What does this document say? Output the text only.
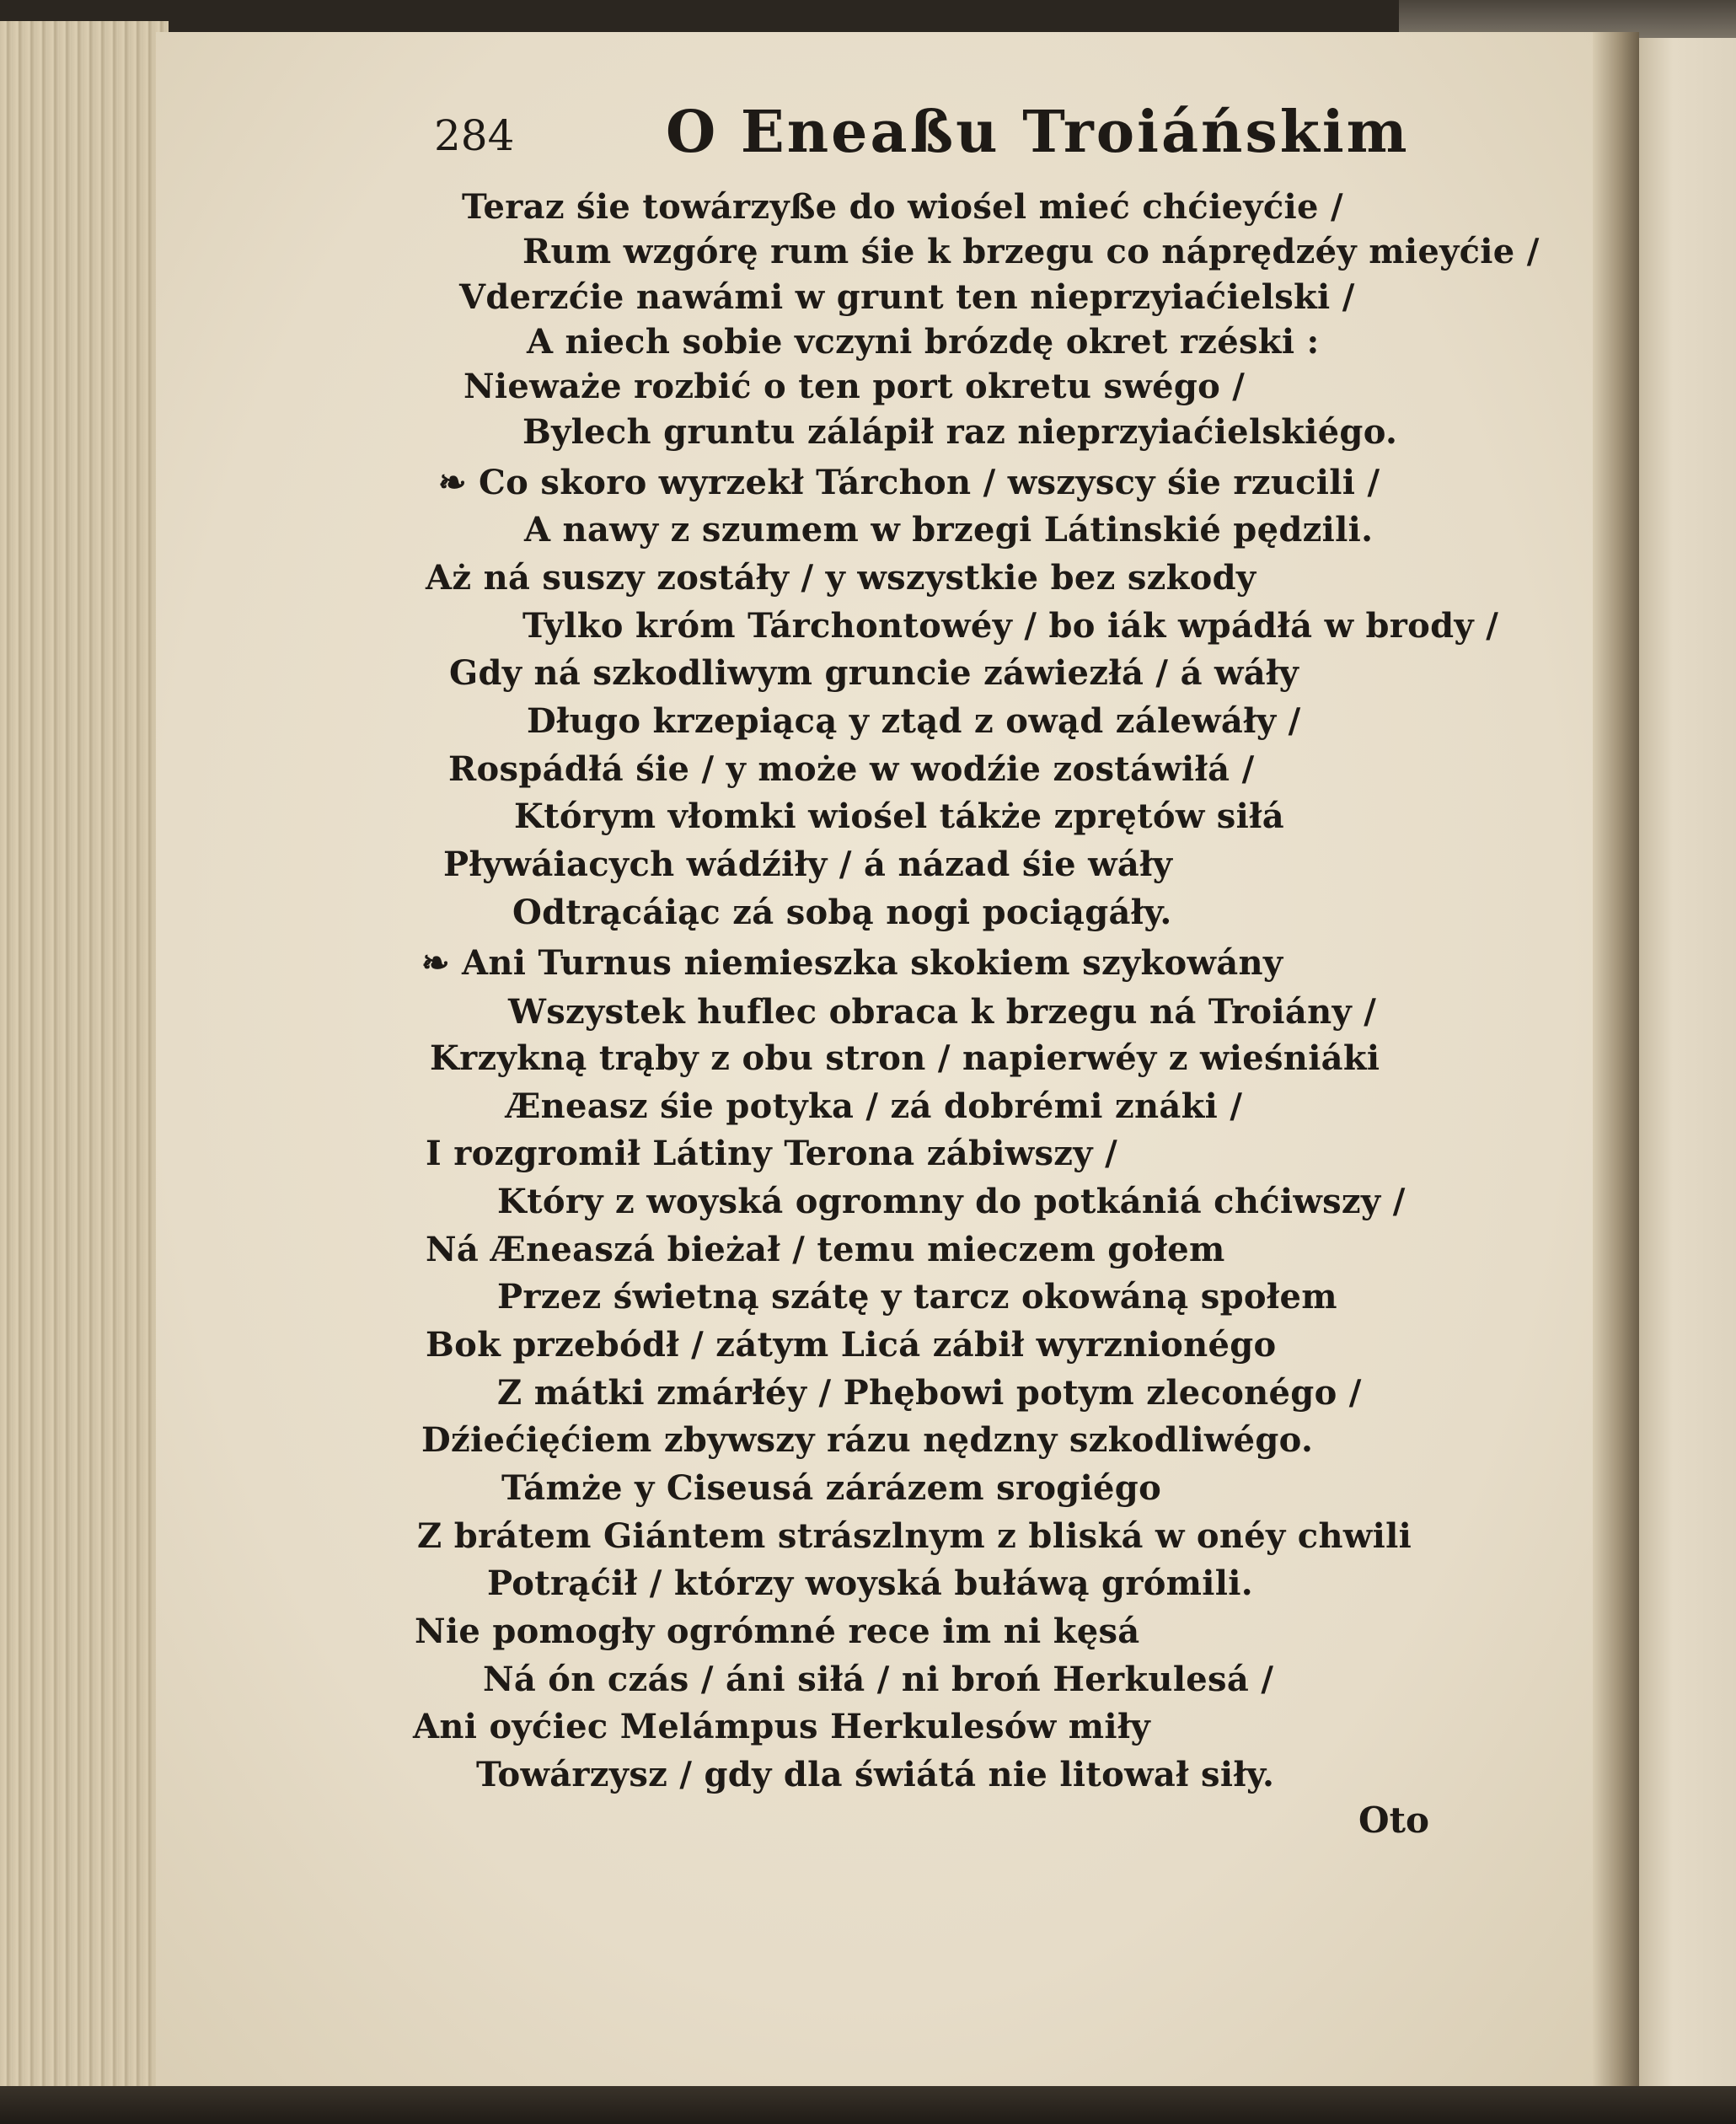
284	O Eneaßu Troiáńskim
Teraz śie towárzyße do wiośel mieć chćieyćie /
Rum wzgórę rum śie k brzegu co náprędzéy mieyćie /
Vderzćie nawámi w grunt ten nieprzyiaćielski /
A niech sobie vczyni brózdę okret rzéski :
Nieważe rozbić o ten port okretu swégo /
Bylech gruntu zálápił raz nieprzyiaćielskiégo.
❧ Co skoro wyrzekł Tárchon / wszyscy śie rzucili /
A nawy z szumem w brzegi Látinskié pędzili.
Aż ná suszy zostáły / y wszystkie bez szkody
Tylko króm Tárchontowéy / bo iák wpádłá w brody /
Gdy ná szkodliwym gruncie záwiezłá / á wáły
Długo krzepiącą y ztąd z owąd zálewáły /
Rospádłá śie / y może w wodźie zostáwiłá /
Którym vłomki wiośel tákże zprętów siłá
Pływáiacych wádźiły / á názad śie wáły
Odtrącáiąc zá sobą nogi pociągáły.
❧ Ani Turnus niemieszka skokiem szykowány
Wszystek huflec obraca k brzegu ná Troiány /
Krzykną trąby z obu stron / napierwéy z wieśniáki
Æneasz śie potyka / zá dobrémi znáki /
I rozgromił Látiny Terona zábiwszy /
Który z woyská ogromny do potkániá chćiwszy /
Ná Æneaszá bieżał / temu mieczem gołem
Przez świetną szátę y tarcz okowáną społem
Bok przebódł / zátym Licá zábił wyrznionégo
Z mátki zmárłéy / Phębowi potym zleconégo /
Dźiećięćiem zbywszy rázu nędzny szkodliwégo.
Támże y Ciseusá zárázem srogiégo
Z brátem Giántem strászlnym z bliská w onéy chwili
Potrąćił / którzy woyská bułáwą grómili.
Nie pomogły ogrómné rece im ni kęsá
Ná ón czás / áni siłá / ni broń Herkulesá /
Ani oyćiec Melámpus Herkulesów miły
Towárzysz / gdy dla świátá nie litował siły.
Oto
